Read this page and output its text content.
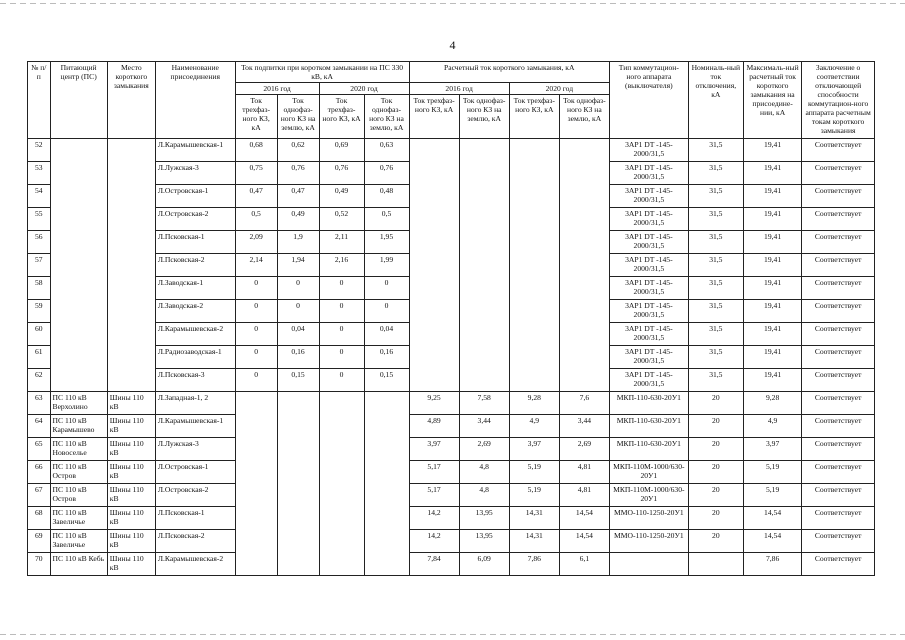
4
№ п/п	Питающий центр (ПС)	Место короткого замыкания	Наименование присоединения	Ток подпитки при коротком замыкании на ПС 330 кВ, кА				Расчетный ток короткого замыкания, кА				Тип коммутацион-ного аппарата (выключателя)	Номиналь-ный ток отключения, кА	Максималь-ный расчетный ток короткого замыкания на присоедине-нии, кА	Заключение о соответствии отключающей способности коммутацион-ного аппарата расчетным токам короткого замыкания
				2016 год		2020 год		2016 год		2020 год					
				Ток трехфаз-ного КЗ, кА	Ток однофаз-ного КЗ на землю, кА	Ток трехфаз-ного КЗ, кА	Ток однофаз-ного КЗ на землю, кА	Ток трехфаз-ного КЗ, кА	Ток однофаз-ного КЗ на землю, кА	Ток трехфаз-ного КЗ, кА	Ток однофаз-ного КЗ на землю, кА				
52			Л.Карамышевская-1	0,68	0,62	0,69	0,63					3AP1 DT -145-2000/31,5	31,5	19,41	Соответствует
53			Л.Лужская-3	0,75	0,76	0,76	0,76					3AP1 DT -145-2000/31,5	31,5	19,41	Соответствует
54			Л.Островская-1	0,47	0,47	0,49	0,48					3AP1 DT -145-2000/31,5	31,5	19,41	Соответствует
55			Л.Островская-2	0,5	0,49	0,52	0,5					3AP1 DT -145-2000/31,5	31,5	19,41	Соответствует
56			Л.Псковская-1	2,09	1,9	2,11	1,95					3AP1 DT -145-2000/31,5	31,5	19,41	Соответствует
57			Л.Псковская-2	2,14	1,94	2,16	1,99					3AP1 DT -145-2000/31,5	31,5	19,41	Соответствует
58			Л.Заводская-1	0	0	0	0					3AP1 DT -145-2000/31,5	31,5	19,41	Соответствует
59			Л.Заводская-2	0	0	0	0					3AP1 DT -145-2000/31,5	31,5	19,41	Соответствует
60			Л.Карамышевская-2	0	0,04	0	0,04					3AP1 DT -145-2000/31,5	31,5	19,41	Соответствует
61			Л.Радиозаводская-1	0	0,16	0	0,16					3AP1 DT -145-2000/31,5	31,5	19,41	Соответствует
62			Л.Псковская-3	0	0,15	0	0,15					3AP1 DT -145-2000/31,5	31,5	19,41	Соответствует
63	ПС 110 кВ Верхолино	Шины 110 кВ	Л.Западная-1, 2					9,25	7,58	9,28	7,6	МКП-110-630-20У1	20	9,28	Соответствует
64	ПС 110 кВ Карамышево	Шины 110 кВ	Л.Карамышевская-1					4,89	3,44	4,9	3,44	МКП-110-630-20У1	20	4,9	Соответствует
65	ПС 110 кВ Новоселье	Шины 110 кВ	Л.Лужская-3					3,97	2,69	3,97	2,69	МКП-110-630-20У1	20	3,97	Соответствует
66	ПС 110 кВ Остров	Шины 110 кВ	Л.Островская-1					5,17	4,8	5,19	4,81	МКП-110М-1000/630-20У1	20	5,19	Соответствует
67	ПС 110 кВ Остров	Шины 110 кВ	Л.Островская-2					5,17	4,8	5,19	4,81	МКП-110М-1000/630-20У1	20	5,19	Соответствует
68	ПС 110 кВ Завеличье	Шины 110 кВ	Л.Псковская-1					14,2	13,95	14,31	14,54	ММО-110-1250-20У1	20	14,54	Соответствует
69	ПС 110 кВ Завеличье	Шины 110 кВ	Л.Псковская-2					14,2	13,95	14,31	14,54	ММО-110-1250-20У1	20	14,54	Соответствует
70	ПС 110 кВ Кебь	Шины 110 кВ	Л.Карамышевская-2					7,84	6,09	7,86	6,1			7,86	Соответствует
